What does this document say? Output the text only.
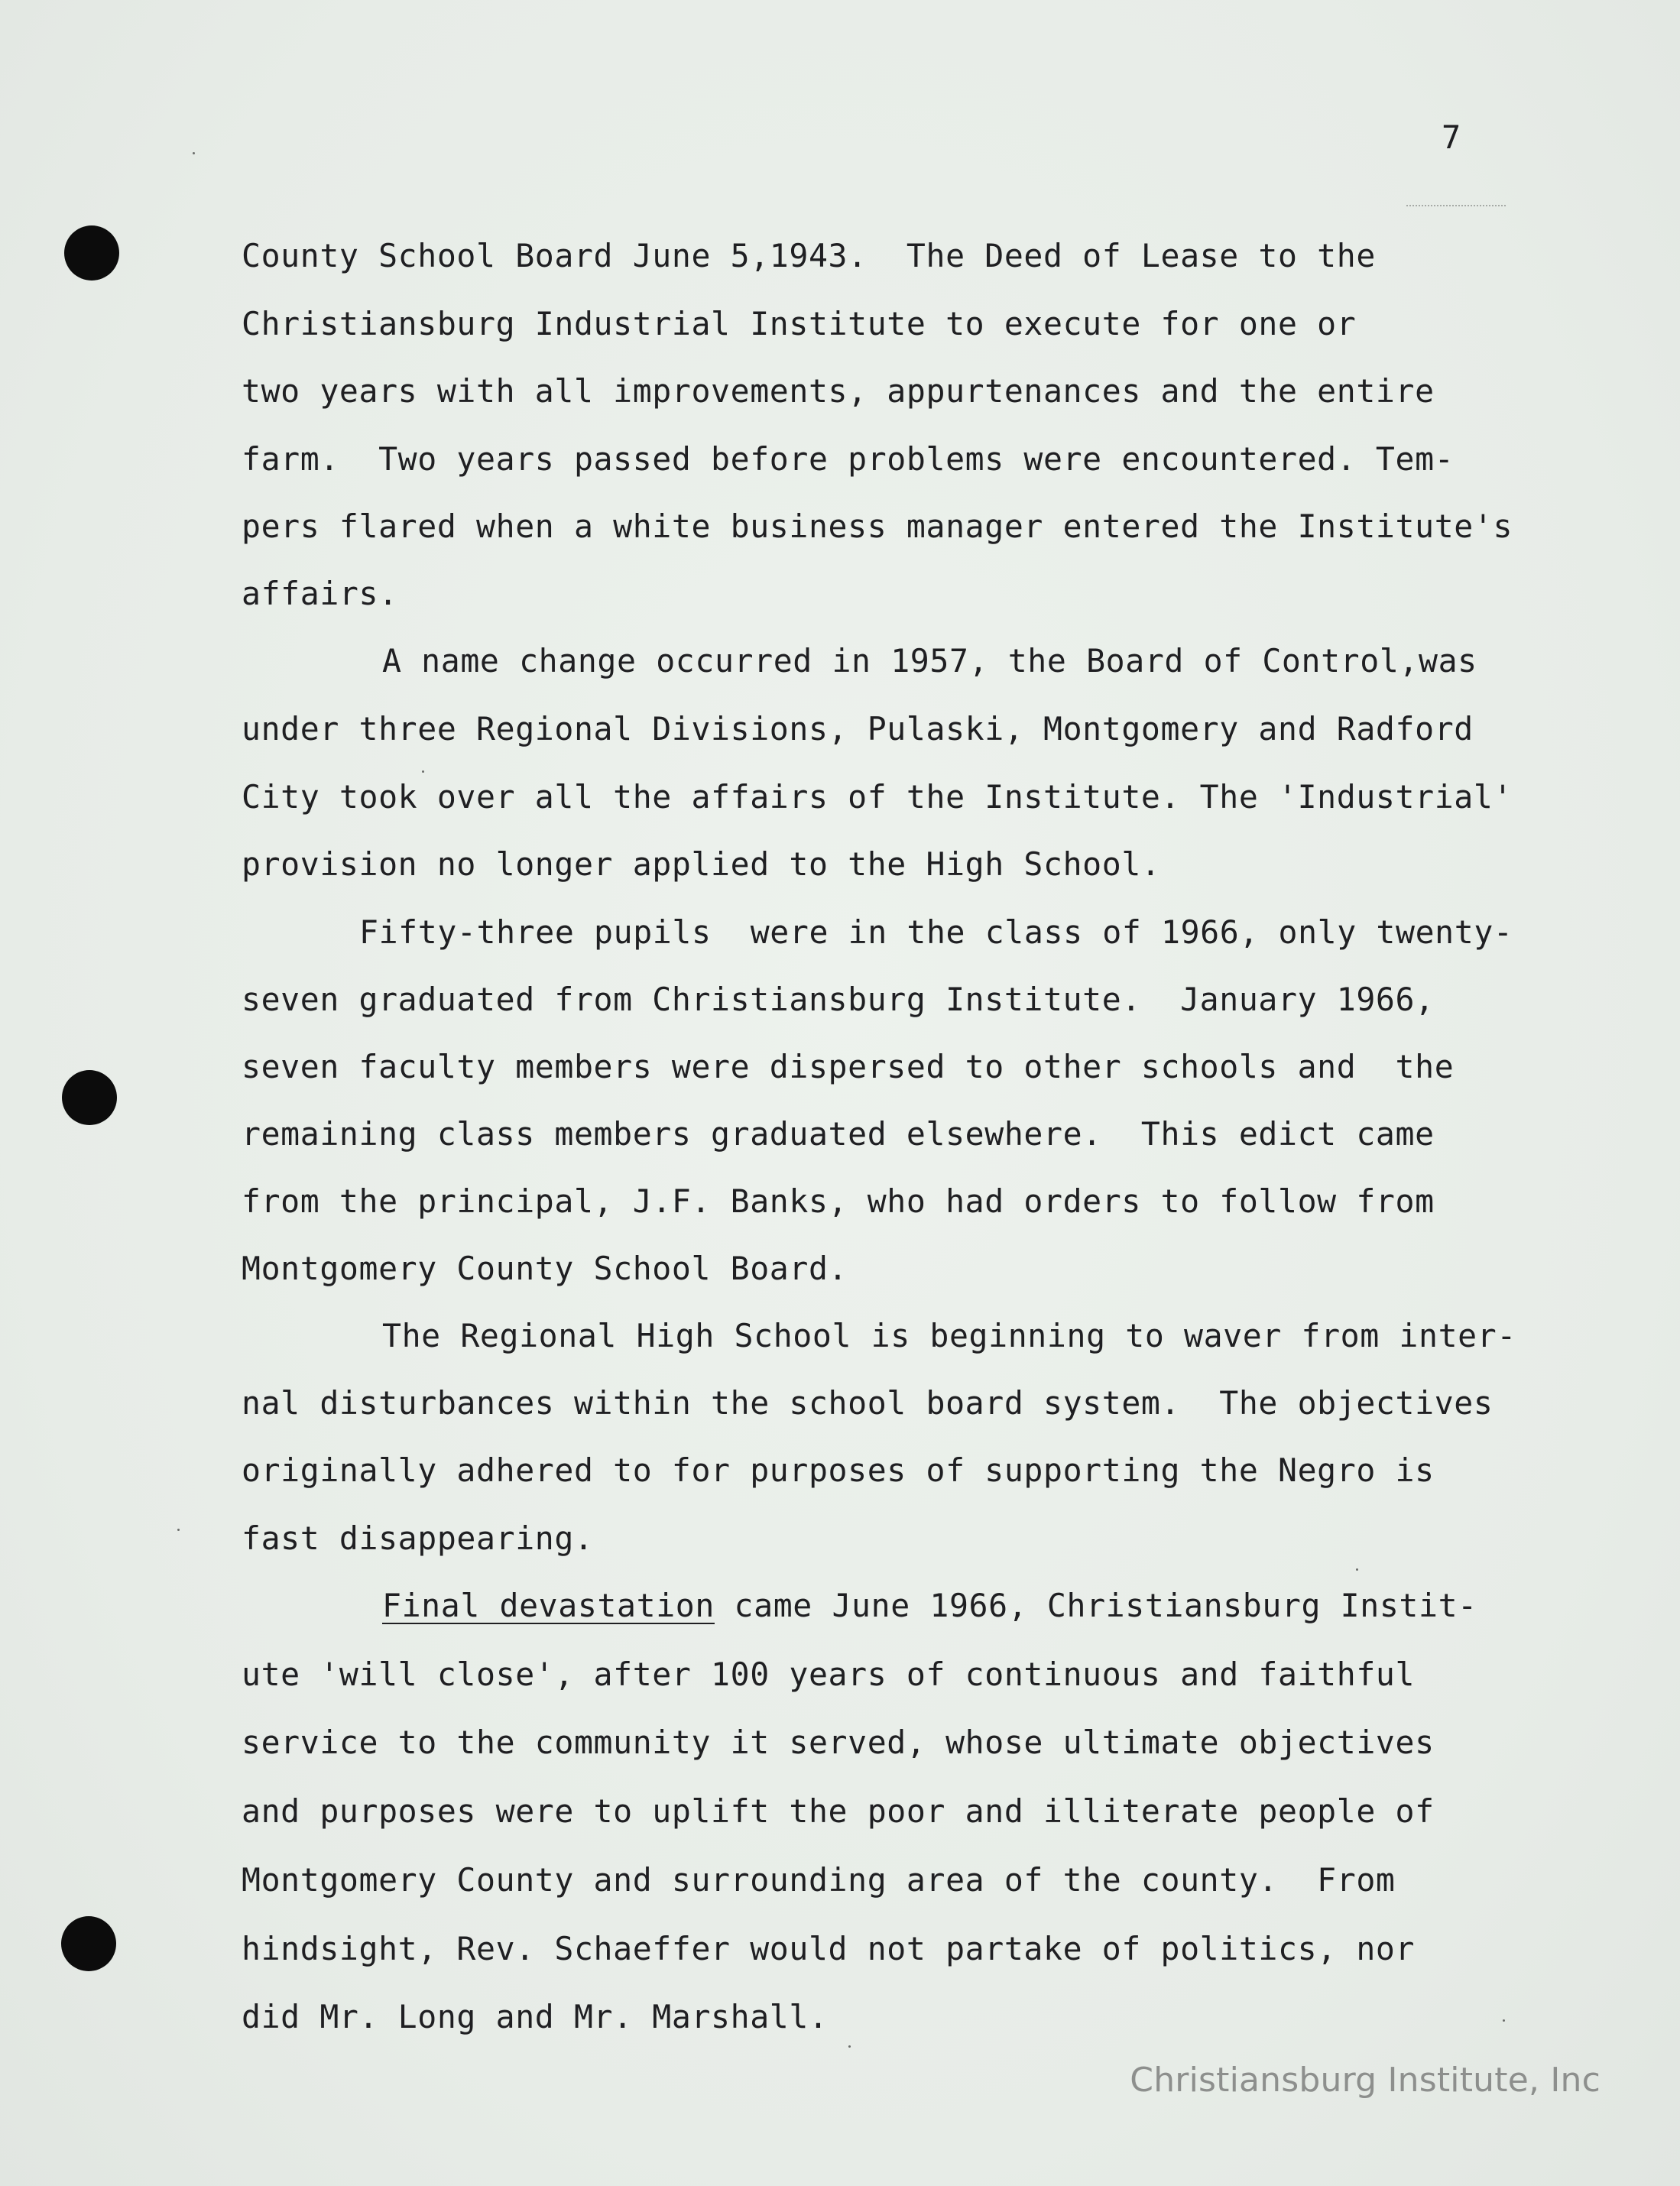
7
County School Board June 5,1943.  The Deed of Lease to the
Christiansburg Industrial Institute to execute for one or
two years with all improvements, appurtenances and the entire
farm.  Two years passed before problems were encountered. Tem-
pers flared when a white business manager entered the Institute's
affairs.
A name change occurred in 1957, the Board of Control,was
under three Regional Divisions, Pulaski, Montgomery and Radford
City took over all the affairs of the Institute. The 'Industrial'
provision no longer applied to the High School.
Fifty-three pupils  were in the class of 1966, only twenty-
seven graduated from Christiansburg Institute.  January 1966,
seven faculty members were dispersed to other schools and  the
remaining class members graduated elsewhere.  This edict came
from the principal, J.F. Banks, who had orders to follow from
Montgomery County School Board.
The Regional High School is beginning to waver from inter-
nal disturbances within the school board system.  The objectives
originally adhered to for purposes of supporting the Negro is
fast disappearing.
Final devastation came June 1966, Christiansburg Instit-
ute 'will close', after 100 years of continuous and faithful
service to the community it served, whose ultimate objectives
and purposes were to uplift the poor and illiterate people of
Montgomery County and surrounding area of the county.  From
hindsight, Rev. Schaeffer would not partake of politics, nor
did Mr. Long and Mr. Marshall.
Christiansburg Institute, Inc
